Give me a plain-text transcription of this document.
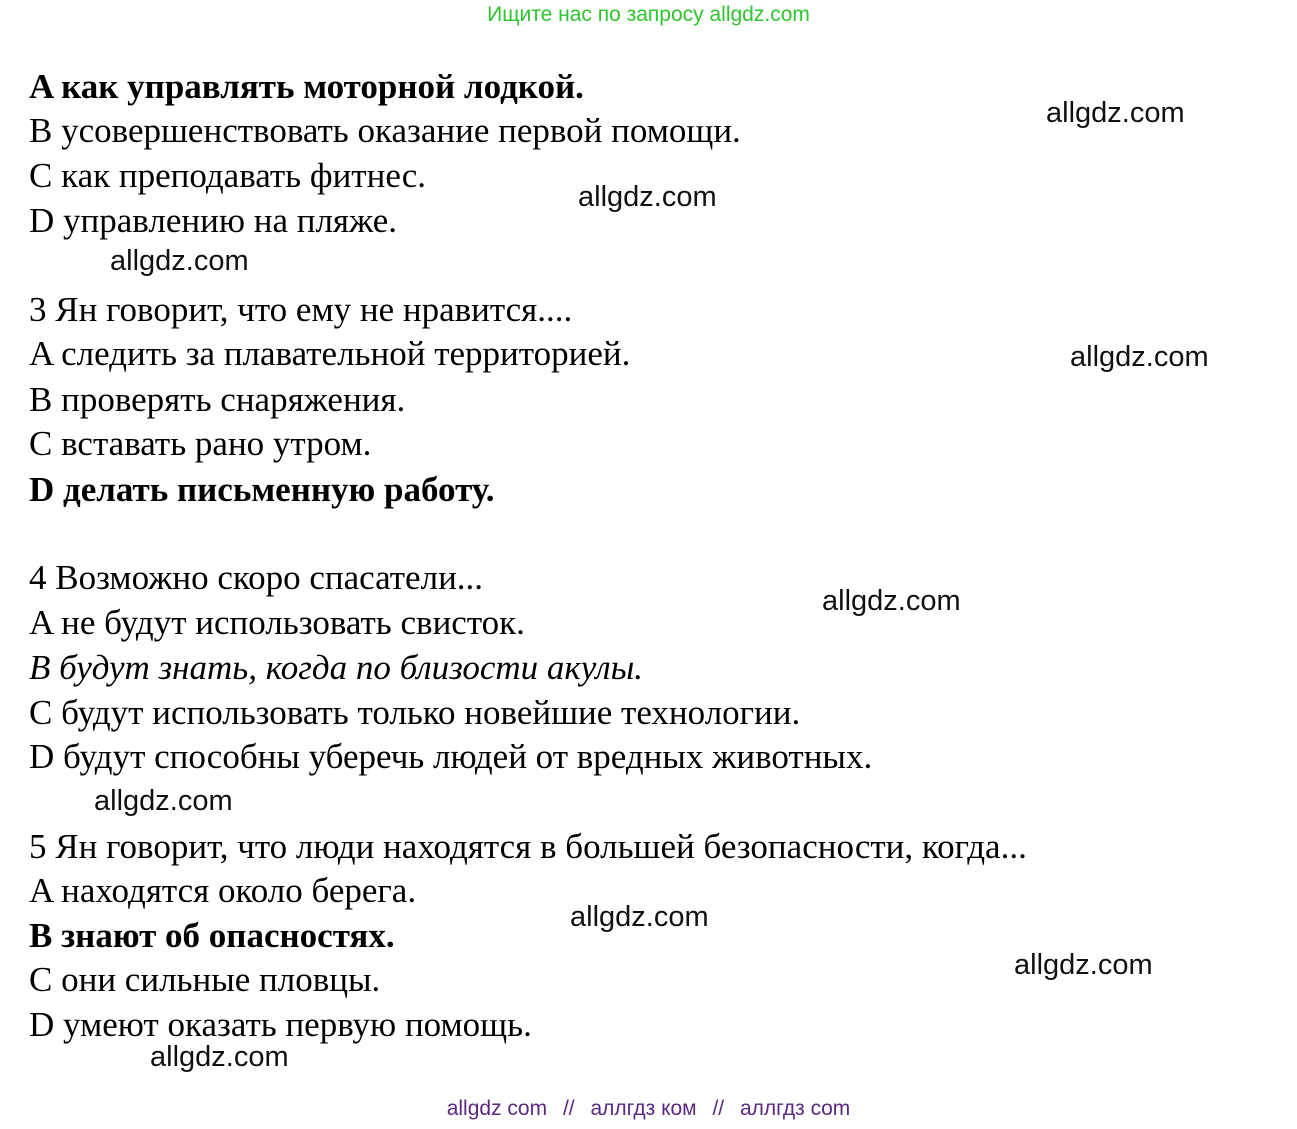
Ищите нас по запросу allgdz.com
A как управлять моторной лодкой.
B усовершенствовать оказание первой помощи.
C как преподавать фитнес.
D управлению на пляже.
3 Ян говорит, что ему не нравится....
A следить за плавательной территорией.
B проверять снаряжения.
C вставать рано утром.
D делать письменную работу.
4 Возможно скоро спасатели...
A не будут использовать свисток.
B будут знать, когда по близости акулы.
C будут использовать только новейшие технологии.
D будут способны уберечь людей от вредных животных.
5 Ян говорит, что люди находятся в большей безопасности, когда...
A находятся около берега.
B знают об опасностях.
C они сильные пловцы.
D умеют оказать первую помощь.
allgdz.com
allgdz.com
allgdz.com
allgdz.com
allgdz.com
allgdz.com
allgdz.com
allgdz.com
allgdz.com
allgdz com // аллгдз ком // аллгдз com
